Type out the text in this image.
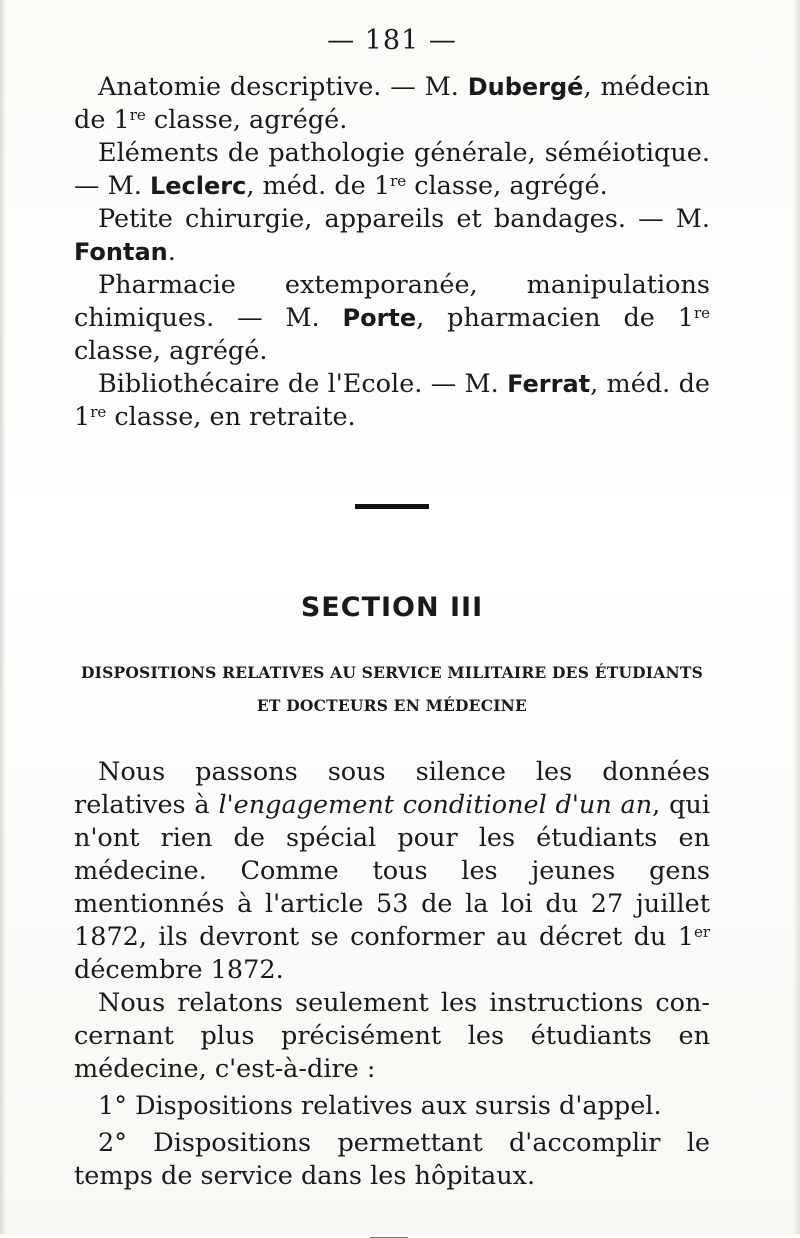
— 181 —

Anatomie descriptive. — M. Dubergé, médecin de 1re classe, agrégé.

Eléments de pathologie générale, séméiotique. — M. Leclerc, méd. de 1re classe, agrégé.

Petite chirurgie, appareils et bandages. — M. Fontan.

Pharmacie extemporanée, manipulations chimiques. — M. Porte, pharmacien de 1re classe, agrégé.

Bibliothécaire de l'Ecole. — M. Ferrat, méd. de 1re classe, en retraite.

SECTION III
DISPOSITIONS RELATIVES AU SERVICE MILITAIRE DES ÉTUDIANTS
ET DOCTEURS EN MÉDECINE

Nous passons sous silence les données relatives à l'engagement conditionel d'un an, qui n'ont rien de spécial pour les étudiants en médecine. Comme tous les jeunes gens mentionnés à l'article 53 de la loi du 27 juillet 1872, ils devront se conformer au décret du 1er décembre 1872.

Nous relatons seulement les instructions concernant plus précisément les étudiants en médecine, c'est-à-dire :

1° Dispositions relatives aux sursis d'appel.

2° Dispositions permettant d'accomplir le temps de service dans les hôpitaux.
